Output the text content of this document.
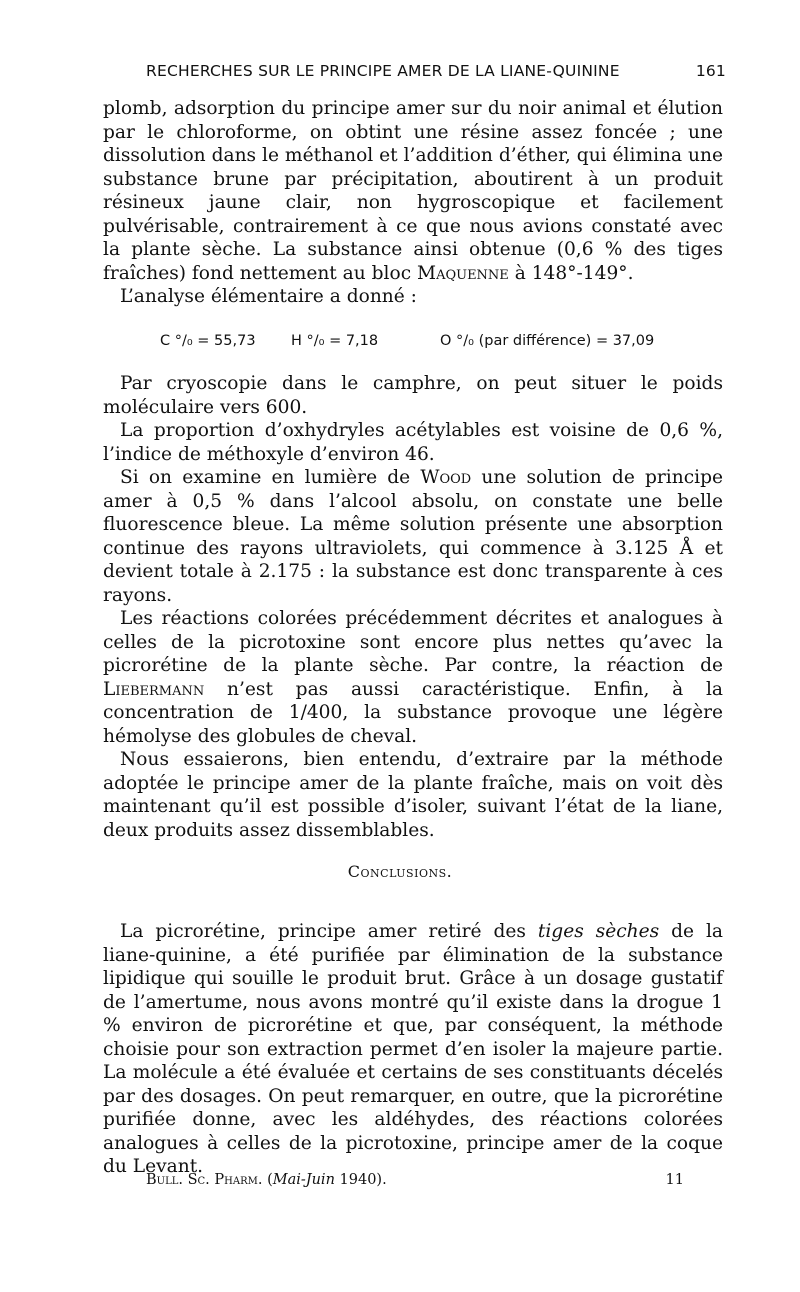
RECHERCHES SUR LE PRINCIPE AMER DE LA LIANE-QUININE	161

plomb, adsorption du principe amer sur du noir animal et élution par le chloroforme, on obtint une résine assez foncée ; une dissolution dans le méthanol et l’addition d’éther, qui élimina une substance brune par précipitation, aboutirent à un produit résineux jaune clair, non hygroscopique et facilement pulvérisable, contrairement à ce que nous avions constaté avec la plante sèche. La substance ainsi obtenue (0,6 % des tiges fraîches) fond nettement au bloc Maquenne à 148°-149°.

L’analyse élémentaire a donné :

C °/₀ = 55,73 H °/₀ = 7,18	O °/₀ (par différence) = 37,09

Par cryoscopie dans le camphre, on peut situer le poids moléculaire vers 600.

La proportion d’oxhydryles acétylables est voisine de 0,6 %, l’indice de méthoxyle d’environ 46.

Si on examine en lumière de Wood une solution de principe amer à 0,5 % dans l’alcool absolu, on constate une belle fluorescence bleue. La même solution présente une absorption continue des rayons ultraviolets, qui commence à 3.125 Å et devient totale à 2.175 : la substance est donc transparente à ces rayons.

Les réactions colorées précédemment décrites et analogues à celles de la picrotoxine sont encore plus nettes qu’avec la picrorétine de la plante sèche. Par contre, la réaction de Liebermann n’est pas aussi caractéristique. Enfin, à la concentration de 1/400, la substance provoque une légère hémolyse des globules de cheval.

Nous essaierons, bien entendu, d’extraire par la méthode adoptée le principe amer de la plante fraîche, mais on voit dès maintenant qu’il est possible d’isoler, suivant l’état de la liane, deux produits assez dissemblables.

Conclusions.

La picrorétine, principe amer retiré des tiges sèches de la liane-quinine, a été purifiée par élimination de la substance lipidique qui souille le produit brut. Grâce à un dosage gustatif de l’amertume, nous avons montré qu’il existe dans la drogue 1 % environ de picrorétine et que, par conséquent, la méthode choisie pour son extraction permet d’en isoler la majeure partie. La molécule a été évaluée et certains de ses constituants décelés par des dosages. On peut remarquer, en outre, que la picrorétine purifiée donne, avec les aldéhydes, des réactions colorées analogues à celles de la picrotoxine, principe amer de la coque du Levant.

Bull. Sc. Pharm. (Mai-Juin 1940).	11
